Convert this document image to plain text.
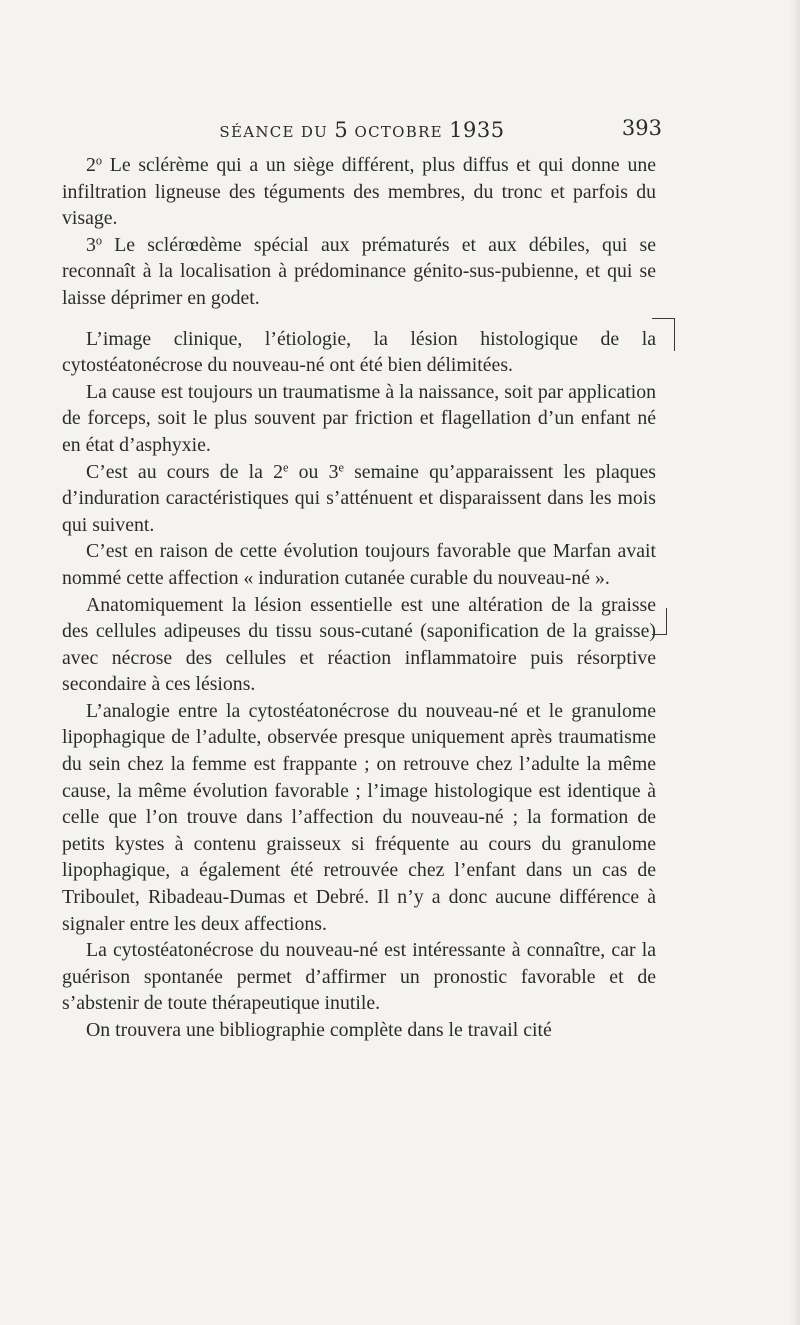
SÉANCE DU 5 OCTOBRE 1935	393

2$^o$ Le sclérème qui a un siège différent, plus diffus et qui donne une infiltration ligneuse des téguments des membres, du tronc et parfois du visage.

3$^o$ Le sclérœdème spécial aux prématurés et aux débiles, qui se reconnaît à la localisation à prédominance génito-sus-pubienne, et qui se laisse déprimer en godet.

L’image clinique, l’étiologie, la lésion histologique de la cytostéatonécrose du nouveau-né ont été bien délimitées.

La cause est toujours un traumatisme à la naissance, soit par application de forceps, soit le plus souvent par friction et flagellation d’un enfant né en état d’asphyxie.

C’est au cours de la 2e ou 3e semaine qu’apparaissent les plaques d’induration caractéristiques qui s’atténuent et disparaissent dans les mois qui suivent.

C’est en raison de cette évolution toujours favorable que Marfan avait nommé cette affection « induration cutanée curable du nouveau-né ».

Anatomiquement la lésion essentielle est une altération de la graisse des cellules adipeuses du tissu sous-cutané (saponification de la graisse) avec nécrose des cellules et réaction inflammatoire puis résorptive secondaire à ces lésions.

L’analogie entre la cytostéatonécrose du nouveau-né et le granulome lipophagique de l’adulte, observée presque uniquement après traumatisme du sein chez la femme est frappante ; on retrouve chez l’adulte la même cause, la même évolution favorable ; l’image histologique est identique à celle que l’on trouve dans l’affection du nouveau-né ; la formation de petits kystes à contenu graisseux si fréquente au cours du granulome lipophagique, a également été retrouvée chez l’enfant dans un cas de Triboulet, Ribadeau-Dumas et Debré. Il n’y a donc aucune différence à signaler entre les deux affections.

La cytostéatonécrose du nouveau-né est intéressante à connaître, car la guérison spontanée permet d’affirmer un pronostic favorable et de s’abstenir de toute thérapeutique inutile.

On trouvera une bibliographie complète dans le travail cité
